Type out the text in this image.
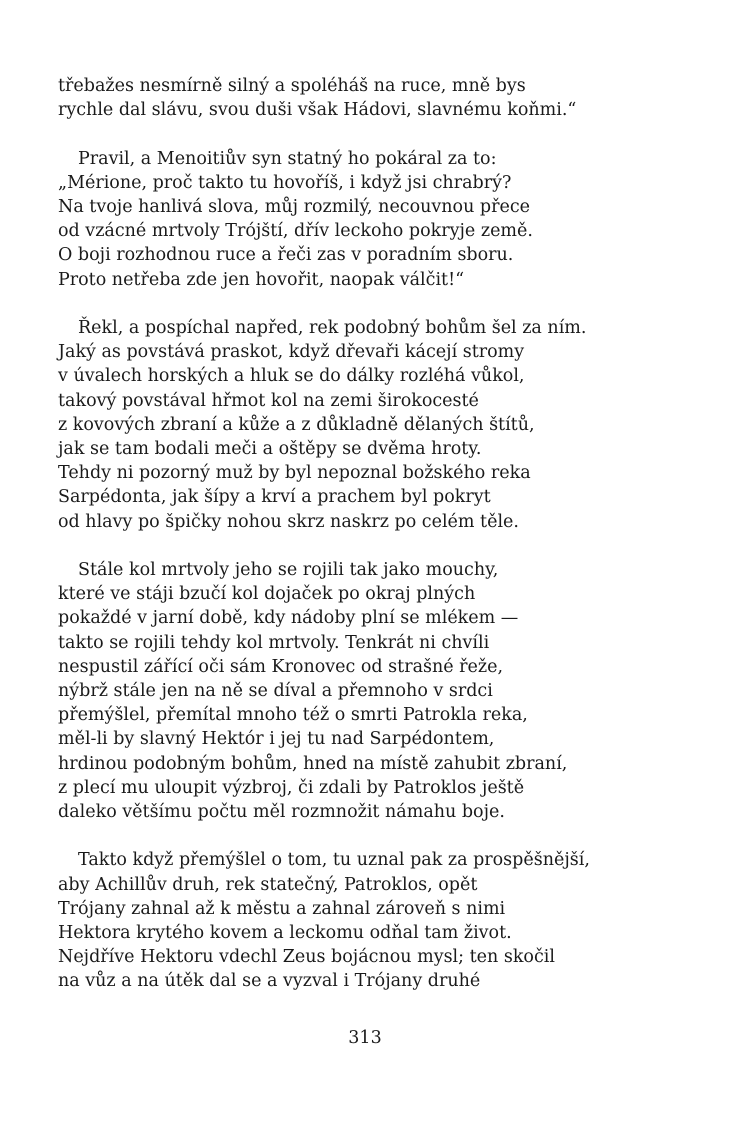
třebažes nesmírně silný a spoléháš na ruce, mně bys
rychle dal slávu, svou duši však Hádovi, slavnému koňmi.“
Pravil, a Menoitiův syn statný ho pokáral za to:
„Mérione, proč takto tu hovoříš, i když jsi chrabrý?
Na tvoje hanlivá slova, můj rozmilý, necouvnou přece
od vzácné mrtvoly Trójští, dřív leckoho pokryje země.
O boji rozhodnou ruce a řeči zas v poradním sboru.
Proto netřeba zde jen hovořit, naopak válčit!“
Řekl, a pospíchal napřed, rek podobný bohům šel za ním.
Jaký as povstává praskot, když dřevaři kácejí stromy
v úvalech horských a hluk se do dálky rozléhá vůkol,
takový povstával hřmot kol na zemi širokocesté
z kovových zbraní a kůže a z důkladně dělaných štítů,
jak se tam bodali meči a oštěpy se dvěma hroty.
Tehdy ni pozorný muž by byl nepoznal božského reka
Sarpédonta, jak šípy a krví a prachem byl pokryt
od hlavy po špičky nohou skrz naskrz po celém těle.
Stále kol mrtvoly jeho se rojili tak jako mouchy,
které ve stáji bzučí kol dojaček po okraj plných
pokaždé v jarní době, kdy nádoby plní se mlékem —
takto se rojili tehdy kol mrtvoly. Tenkrát ni chvíli
nespustil zářící oči sám Kronovec od strašné řeže,
nýbrž stále jen na ně se díval a přemnoho v srdci
přemýšlel, přemítal mnoho též o smrti Patrokla reka,
měl-li by slavný Hektór i jej tu nad Sarpédontem,
hrdinou podobným bohům, hned na místě zahubit zbraní,
z plecí mu uloupit výzbroj, či zdali by Patroklos ještě
daleko většímu počtu měl rozmnožit námahu boje.
Takto když přemýšlel o tom, tu uznal pak za prospěšnější,
aby Achillův druh, rek statečný, Patroklos, opět
Trójany zahnal až k městu a zahnal zároveň s nimi
Hektora krytého kovem a leckomu odňal tam život.
Nejdříve Hektoru vdechl Zeus bojácnou mysl; ten skočil
na vůz a na útěk dal se a vyzval i Trójany druhé
313
